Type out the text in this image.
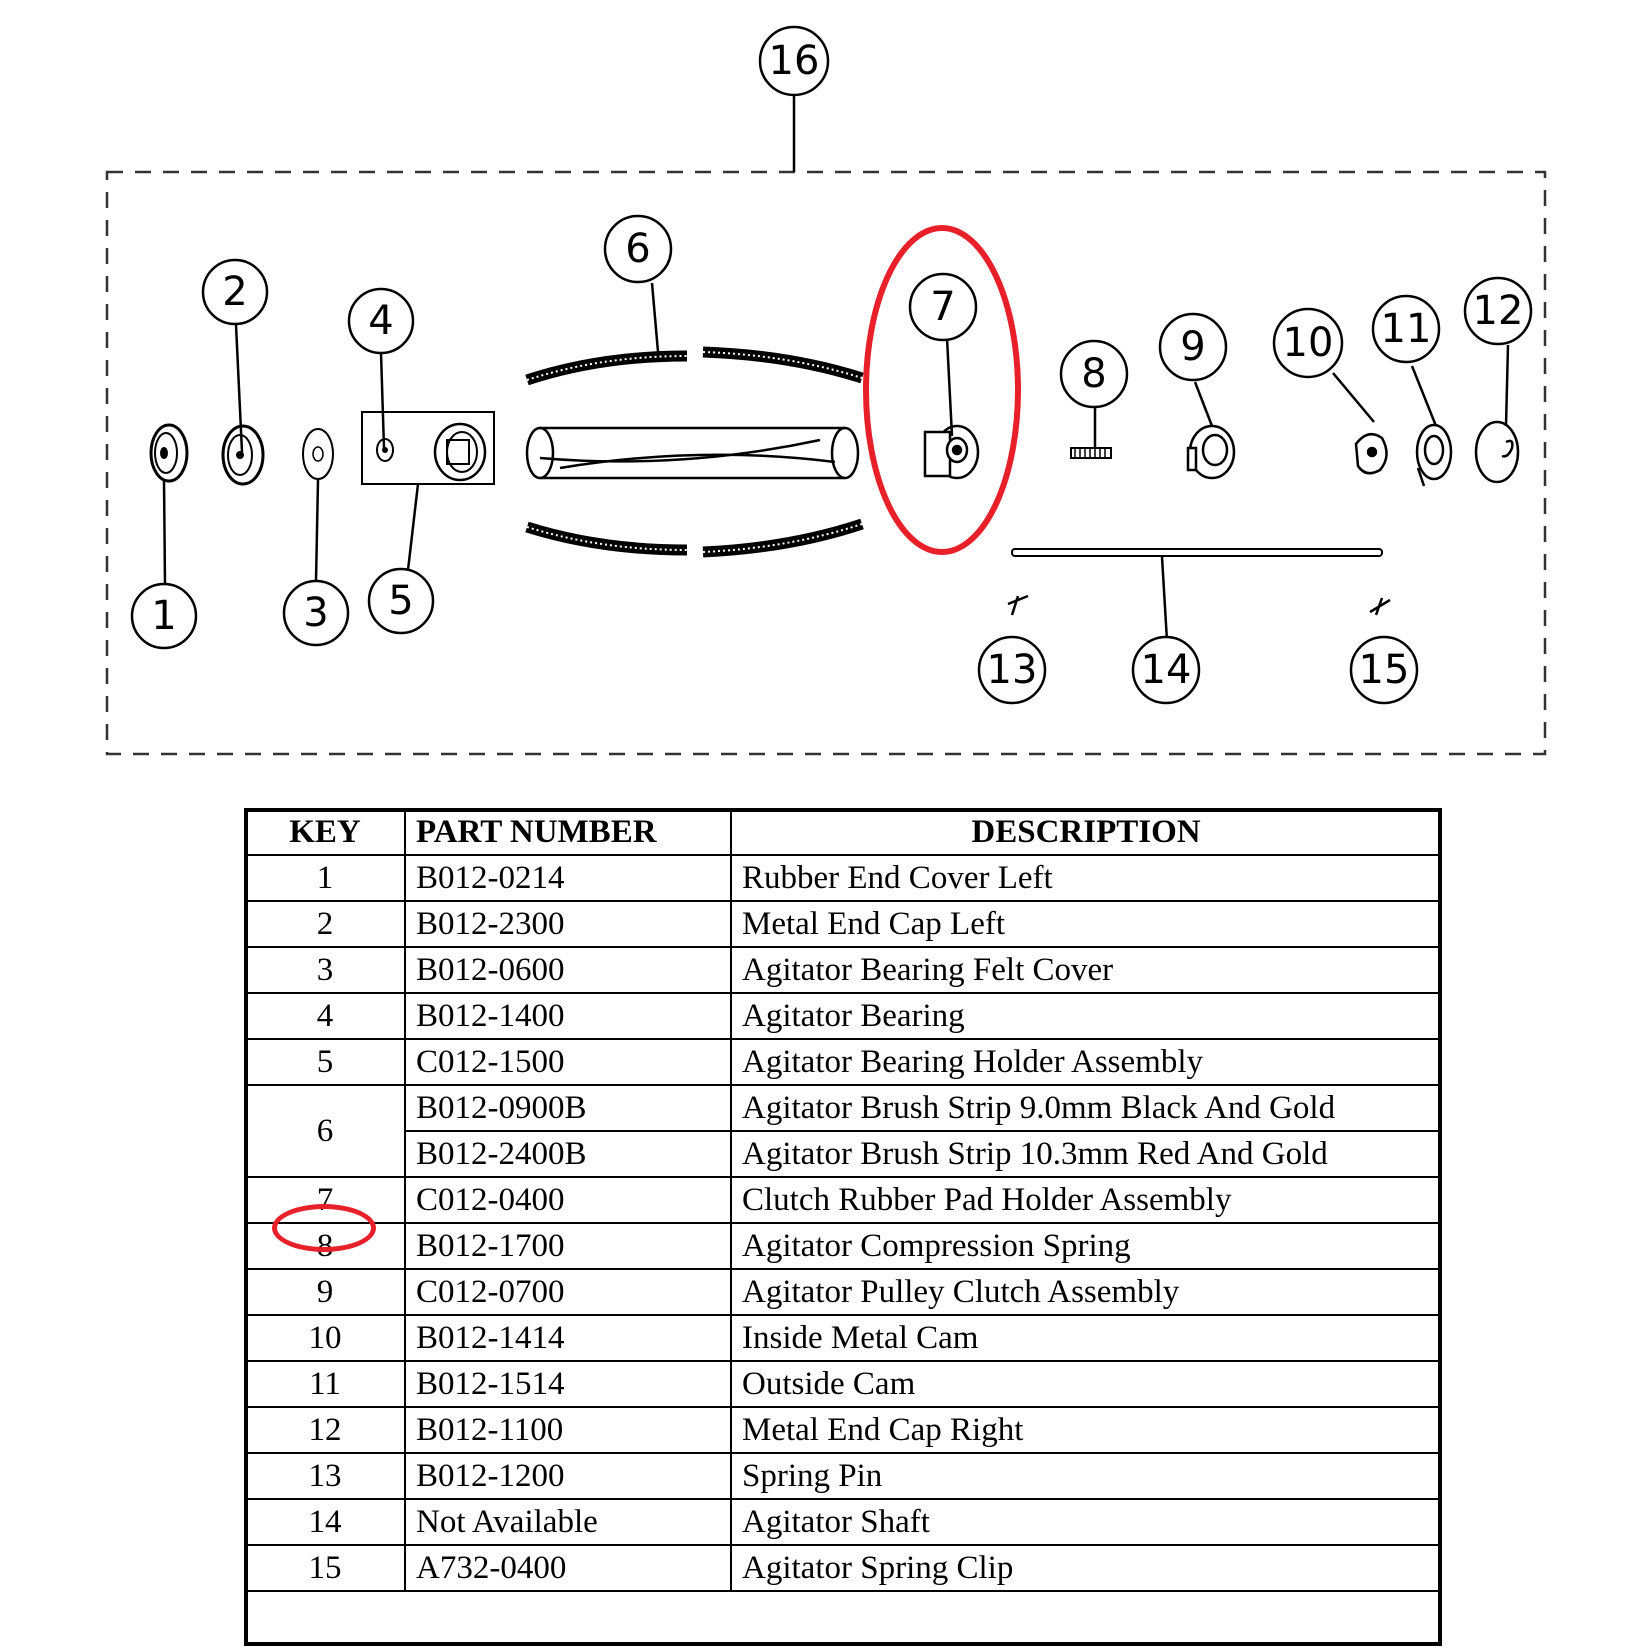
1
2
3
4
5
6
7
8
9 10 11 12
13	14	15
16
KEY	PART NUMBER	DESCRIPTION
1	B012-0214	Rubber End Cover Left
2	B012-2300	Metal End Cap Left
3	B012-0600	Agitator Bearing Felt Cover
4	B012-1400	Agitator Bearing
5	C012-1500	Agitator Bearing Holder Assembly
6	B012-0900B	Agitator Brush Strip 9.0mm Black And Gold
	B012-2400B	Agitator Brush Strip 10.3mm Red And Gold
7	C012-0400	Clutch Rubber Pad Holder Assembly
8	B012-1700	Agitator Compression Spring
9	C012-0700	Agitator Pulley Clutch Assembly
10	B012-1414	Inside Metal Cam
11	B012-1514	Outside Cam
12	B012-1100	Metal End Cap Right
13	B012-1200	Spring Pin
14	Not Available	Agitator Shaft
15	A732-0400	Agitator Spring Clip
